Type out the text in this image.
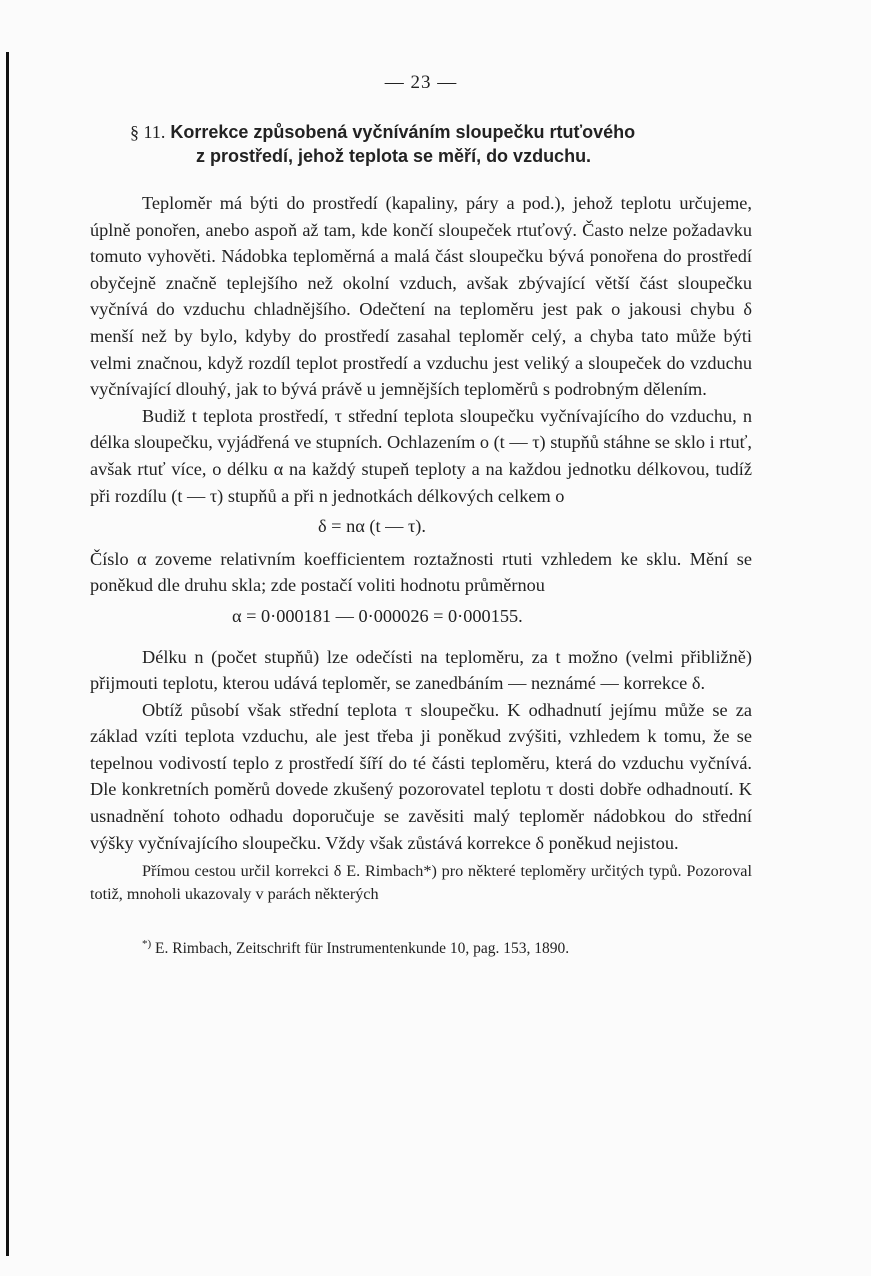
— 23 —
§ 11. Korrekce způsobená vyčníváním sloupečku rtuťového
z prostředí, jehož teplota se měří, do vzduchu.

Teploměr má býti do prostředí (kapaliny, páry a pod.), jehož teplotu určujeme, úplně ponořen, anebo aspoň až tam, kde končí sloupeček rtuťový. Často nelze požadavku tomuto vyhověti. Nádobka teploměrná a malá část sloupečku bývá ponořena do prostředí obyčejně značně teplejšího než okolní vzduch, avšak zbývající větší část sloupečku vyčnívá do vzduchu chladnějšího. Odečtení na teploměru jest pak o jakousi chybu δ menší než by bylo, kdyby do prostředí zasahal teploměr celý, a chyba tato může býti velmi značnou, když rozdíl teplot prostředí a vzduchu jest veliký a sloupeček do vzduchu vyčnívající dlouhý, jak to bývá právě u jemnějších teploměrů s podrobným dělením.

Budiž t teplota prostředí, τ střední teplota sloupečku vyčnívajícího do vzduchu, n délka sloupečku, vyjádřená ve stupních. Ochlazením o (t — τ) stupňů stáhne se sklo i rtuť, avšak rtuť více, o délku α na každý stupeň teploty a na každou jednotku délkovou, tudíž při rozdílu (t — τ) stupňů a při n jednotkách délkových celkem o

δ = nα (t — τ).

Číslo α zoveme relativním koefficientem roztažnosti rtuti vzhledem ke sklu. Mění se poněkud dle druhu skla; zde postačí voliti hodnotu průměrnou

α = 0·000181 — 0·000026 = 0·000155.

Délku n (počet stupňů) lze odečísti na teploměru, za t možno (velmi přibližně) přijmouti teplotu, kterou udává teploměr, se zanedbáním — neznámé — korrekce δ.

Obtíž působí však střední teplota τ sloupečku. K odhadnutí jejímu může se za základ vzíti teplota vzduchu, ale jest třeba ji poněkud zvýšiti, vzhledem k tomu, že se tepelnou vodivostí teplo z prostředí šíří do té části teploměru, která do vzduchu vyčnívá. Dle konkretních poměrů dovede zkušený pozorovatel teplotu τ dosti dobře odhadnoutí. K usnadnění tohoto odhadu doporučuje se zavěsiti malý teploměr nádobkou do střední výšky vyčnívajícího sloupečku. Vždy však zůstává korrekce δ poněkud nejistou.

Přímou cestou určil korrekci δ E. Rimbach*) pro některé teploměry určitých typů. Pozoroval totiž, mnoholi ukazovaly v parách některých

*) E. Rimbach, Zeitschrift für Instrumentenkunde 10, pag. 153, 1890.
